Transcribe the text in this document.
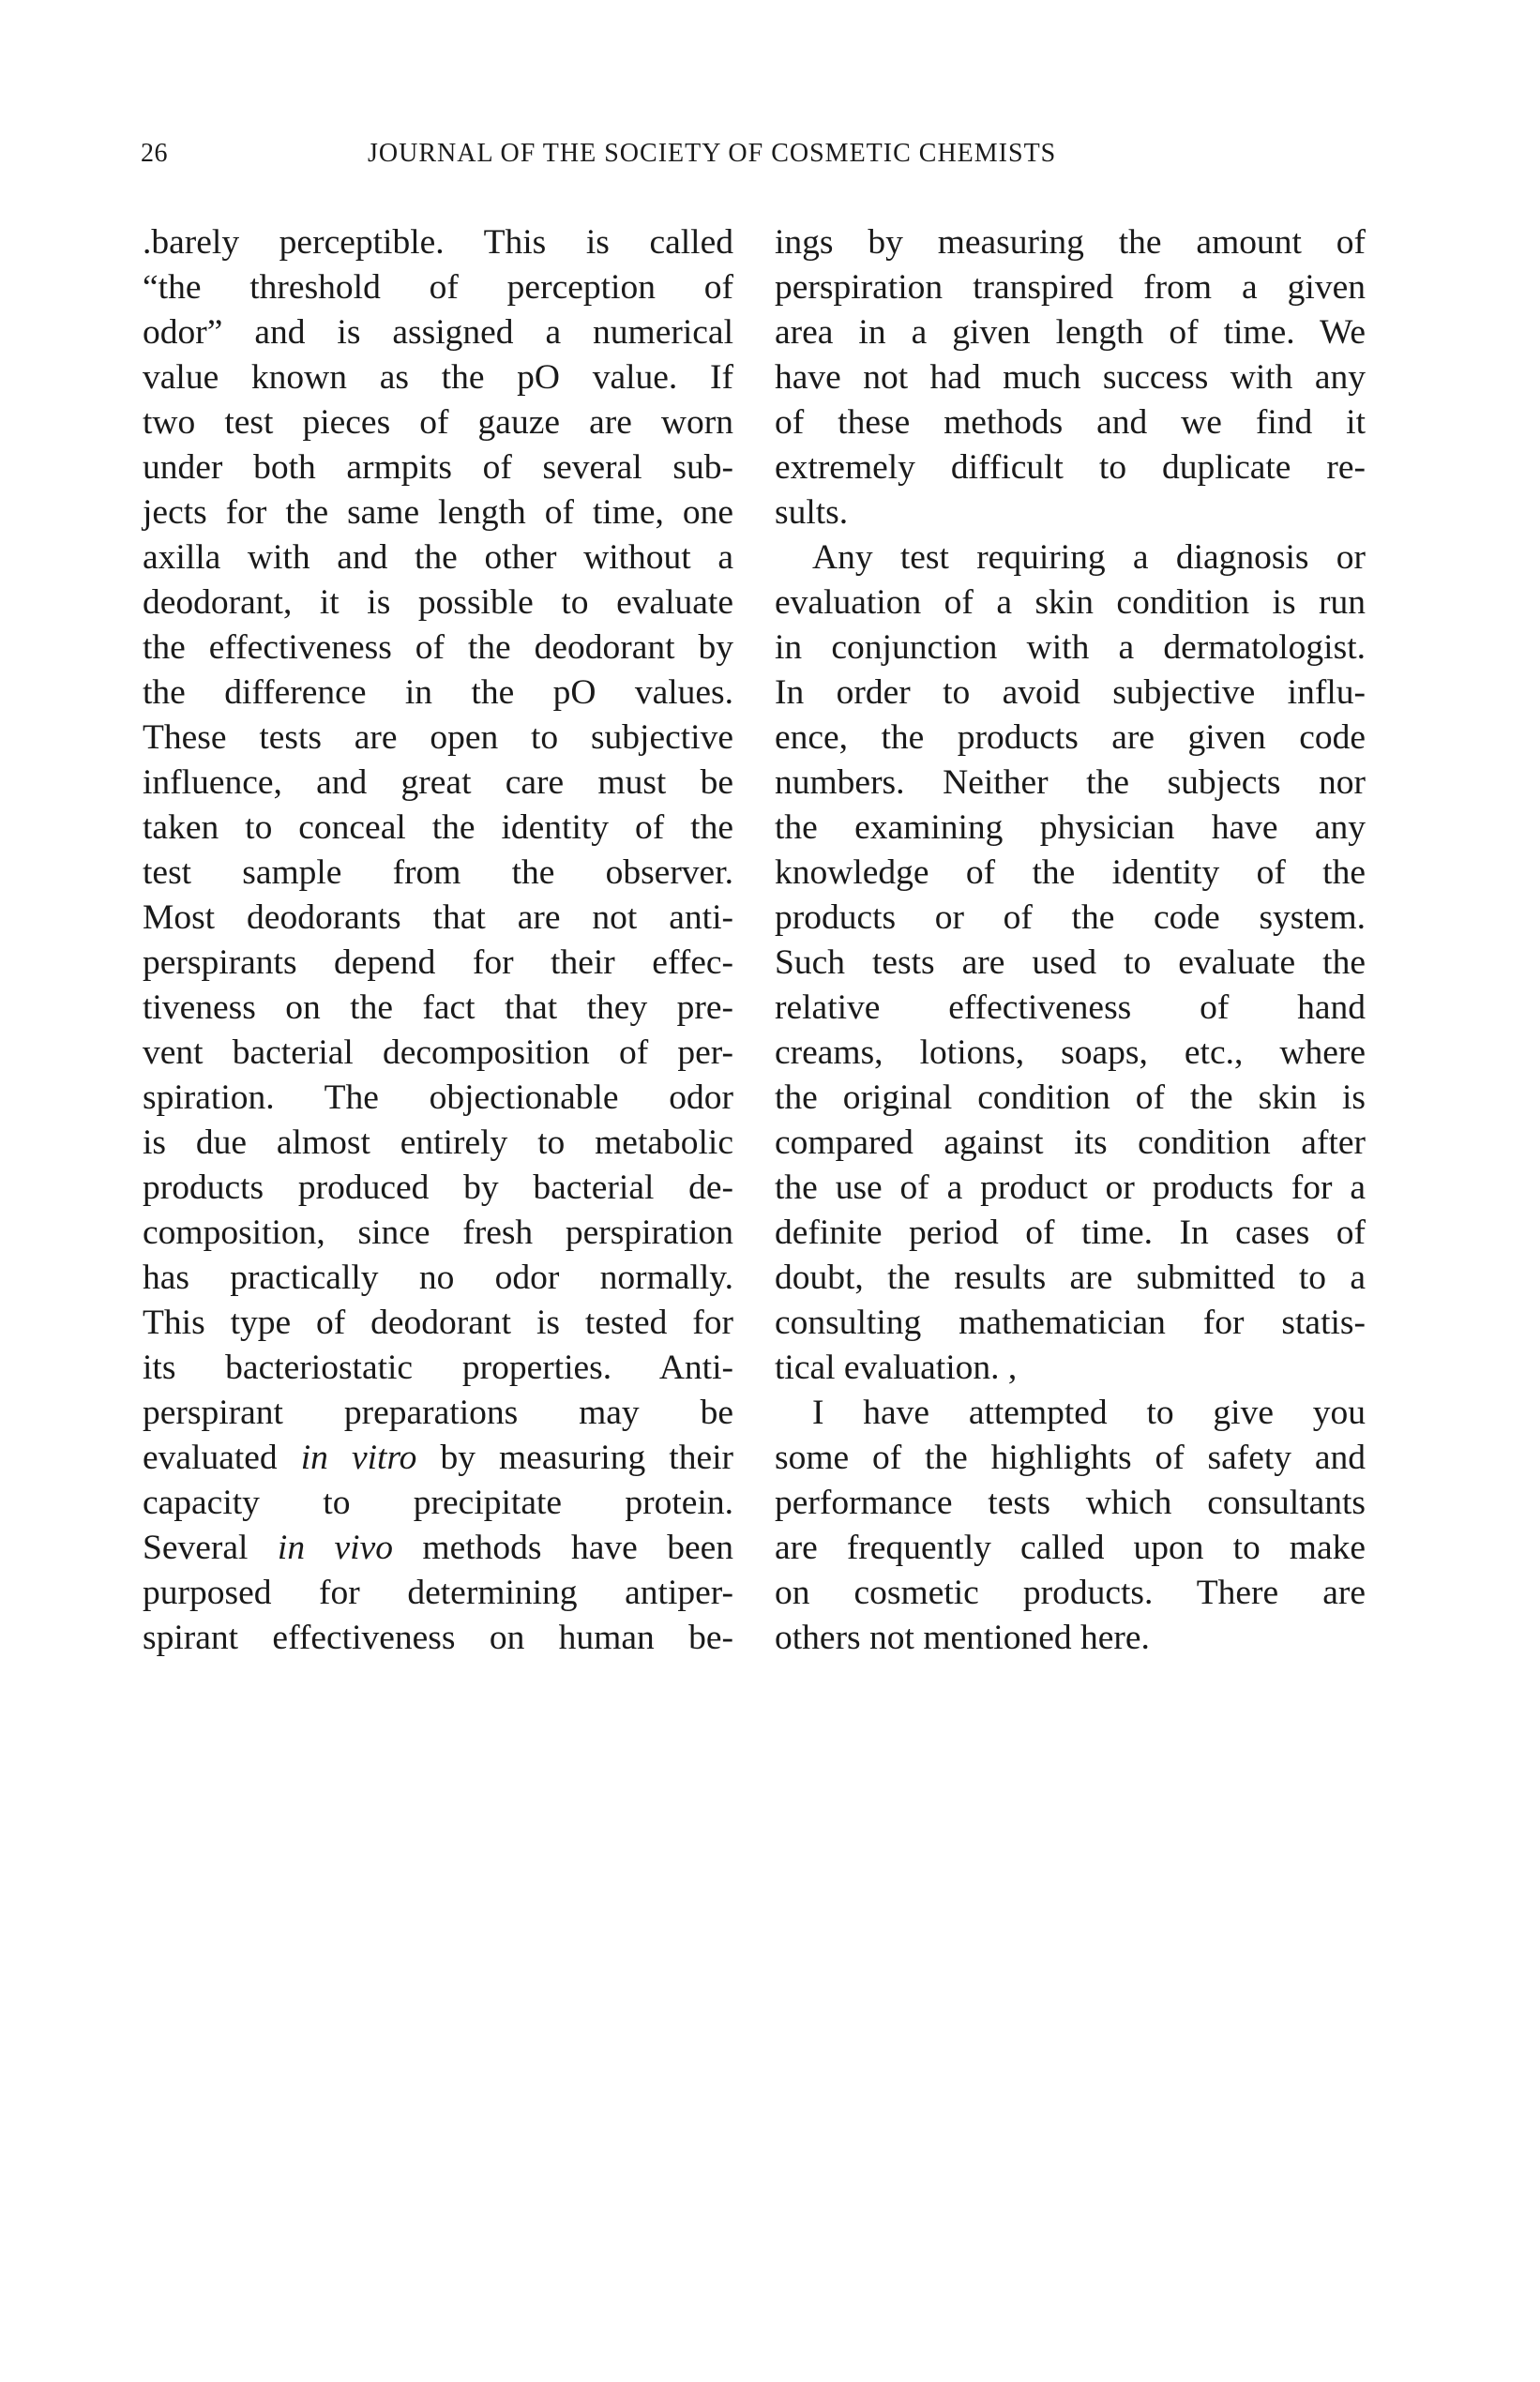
26	JOURNAL OF THE SOCIETY OF COSMETIC CHEMISTS

.barely perceptible. This is called
“the threshold of perception of
odor” and is assigned a numerical
value known as the pO value. If
two test pieces of gauze are worn
under both armpits of several sub-
jects for the same length of time, one
axilla with and the other without a
deodorant, it is possible to evaluate
the effectiveness of the deodorant by
the difference in the pO values.
These tests are open to subjective
influence, and great care must be
taken to conceal the identity of the
test sample from the observer.
Most deodorants that are not anti-
perspirants depend for their effec-
tiveness on the fact that they pre-
vent bacterial decomposition of per-
spiration. The objectionable odor
is due almost entirely to metabolic
products produced by bacterial de-
composition, since fresh perspiration
has practically no odor normally.
This type of deodorant is tested for
its bacteriostatic properties. Anti-
perspirant preparations may be
evaluated in vitro by measuring their
capacity to precipitate protein.
Several in vivo methods have been
purposed for determining antiper-
spirant effectiveness on human be-

ings by measuring the amount of
perspiration transpired from a given
area in a given length of time. We
have not had much success with any
of these methods and we find it
extremely difficult to duplicate re-
sults.

Any test requiring a diagnosis or
evaluation of a skin condition is run
in conjunction with a dermatologist.
In order to avoid subjective influ-
ence, the products are given code
numbers. Neither the subjects nor
the examining physician have any
knowledge of the identity of the
products or of the code system.
Such tests are used to evaluate the
relative effectiveness of hand
creams, lotions, soaps, etc., where
the original condition of the skin is
compared against its condition after
the use of a product or products for a
definite period of time. In cases of
doubt, the results are submitted to a
consulting mathematician for statis-
tical evaluation. ,

I have attempted to give you
some of the highlights of safety and
performance tests which consultants
are frequently called upon to make
on cosmetic products. There are
others not mentioned here.
